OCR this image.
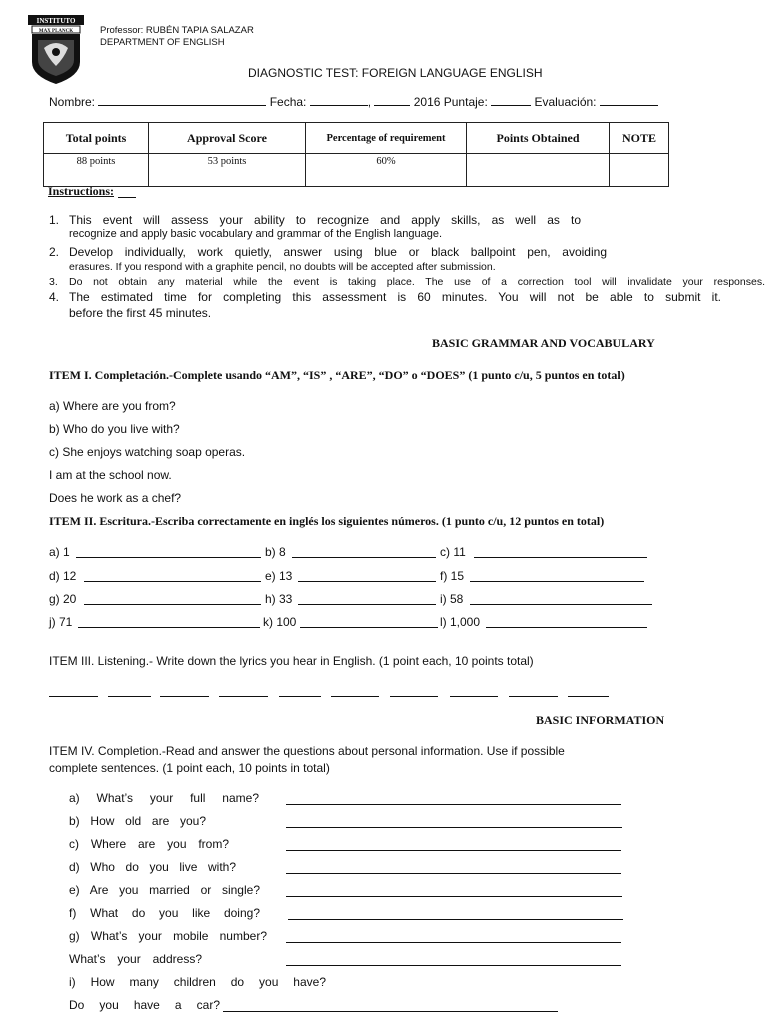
INSTITUTO
MAX PLANCK	Professor: RUBÉN TAPIA SALAZAR
DEPARTMENT OF ENGLISH
DIAGNOSTIC TEST: FOREIGN LANGUAGE ENGLISH
Nombre:	Fecha:	,	2016 Puntaje:	Evaluación:
Total points	Approval Score	Percentage of requirement	Points Obtained	NOTE
88 points	53 points	60%		
Instructions:
1. This event will assess your ability to recognize and apply skills, as well as to
recognize and apply basic vocabulary and grammar of the English language.
2. Develop individually, work quietly, answer using blue or black ballpoint pen, avoiding
erasures. If you respond with a graphite pencil, no doubts will be accepted after submission.
3. Do not obtain any material while the event is taking place. The use of a correction tool will invalidate your responses.
4. The estimated time for completing this assessment is 60 minutes. You will not be able to submit it.
before the first 45 minutes.
BASIC GRAMMAR AND VOCABULARY
ITEM I. Completación.-Complete usando “AM”, “IS” , “ARE”, “DO” o “DOES” (1 punto c/u, 5 puntos en total)
a) Where are you from?
b) Who do you live with?
c) She enjoys watching soap operas.
I am at the school now.
Does he work as a chef?
ITEM II. Escritura.-Escriba correctamente en inglés los siguientes números. (1 punto c/u, 12 puntos en total)
a) 1	b) 8	c) 11
d) 12	e) 13	f) 15
g) 20	h) 33	i) 58
j) 71	k) 100	l) 1,000
ITEM III. Listening.- Write down the lyrics you hear in English. (1 point each, 10 points total)
BASIC INFORMATION
ITEM IV. Completion.-Read and answer the questions about personal information. Use if possible
complete sentences. (1 point each, 10 points in total)
a) What’s your full name?
b) How old are you?
c) Where are you from?
d) Who do you live with?
e) Are you married or single?
f) What do you like doing?
g) What’s your mobile number?
What’s your address?
i) How many children do you have?
Do you have a car?
